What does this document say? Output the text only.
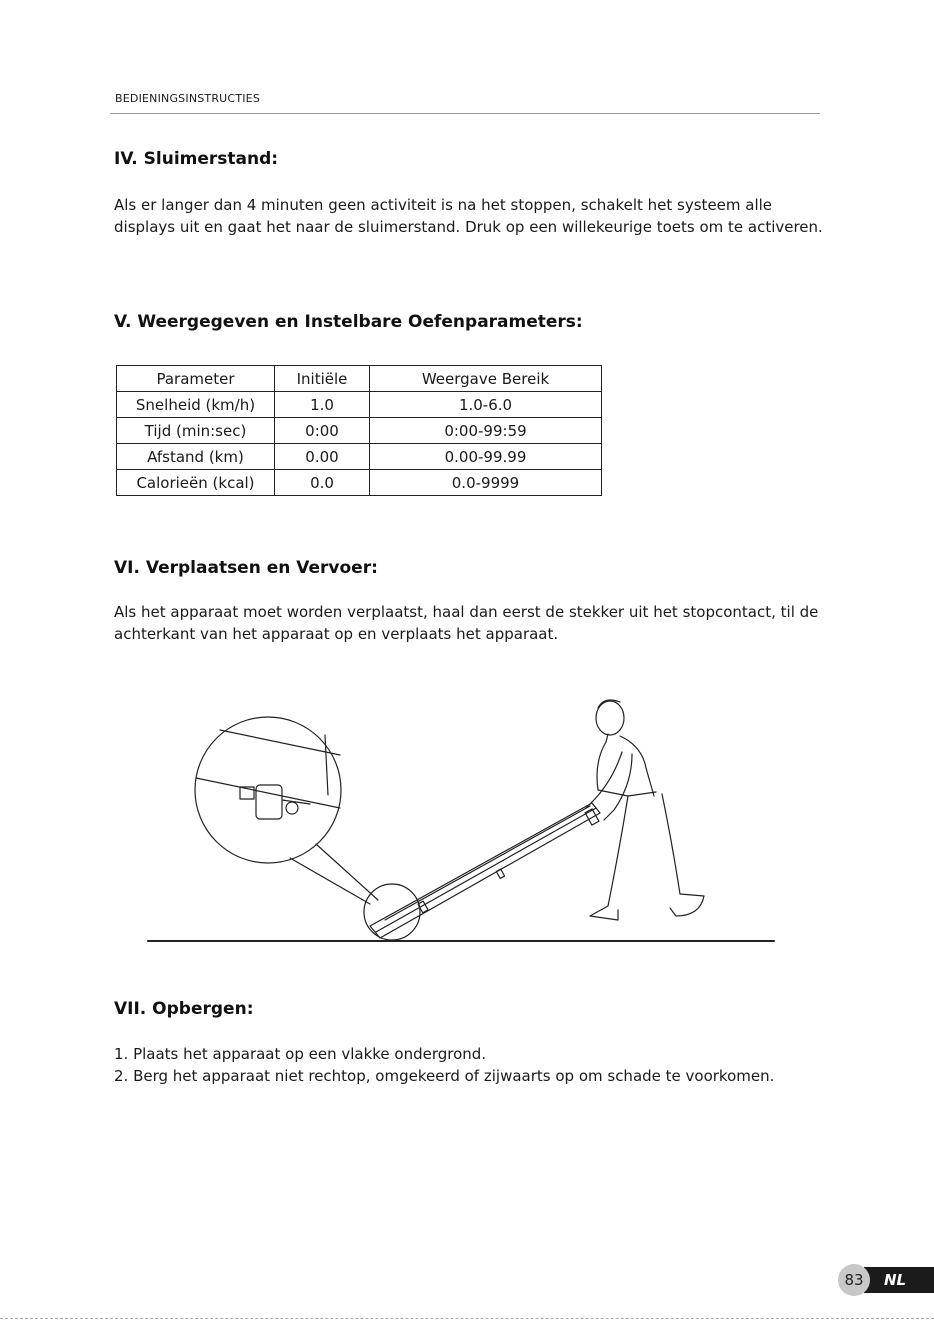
BEDIENINGSINSTRUCTIES
IV. Sluimerstand:

Als er langer dan 4 minuten geen activiteit is na het stoppen, schakelt het systeem alle displays uit en gaat het naar de sluimerstand. Druk op een willekeurige toets om te activeren.

V. Weergegeven en Instelbare Oefenparameters:
Parameter	Initiële	Weergave Bereik
Snelheid (km/h)	1.0	1.0-6.0
Tijd (min:sec)	0:00	0:00-99:59
Afstand (km)	0.00	0.00-99.99
Calorieën (kcal)	0.0	0.0-9999
VI. Verplaatsen en Vervoer:

Als het apparaat moet worden verplaatst, haal dan eerst de stekker uit het stopcontact, til de achterkant van het apparaat op en verplaats het apparaat.

VII. Opbergen:
1. Plaats het apparaat op een vlakke ondergrond.
2. Berg het apparaat niet rechtop, omgekeerd of zijwaarts op om schade te voorkomen.
NL
83
